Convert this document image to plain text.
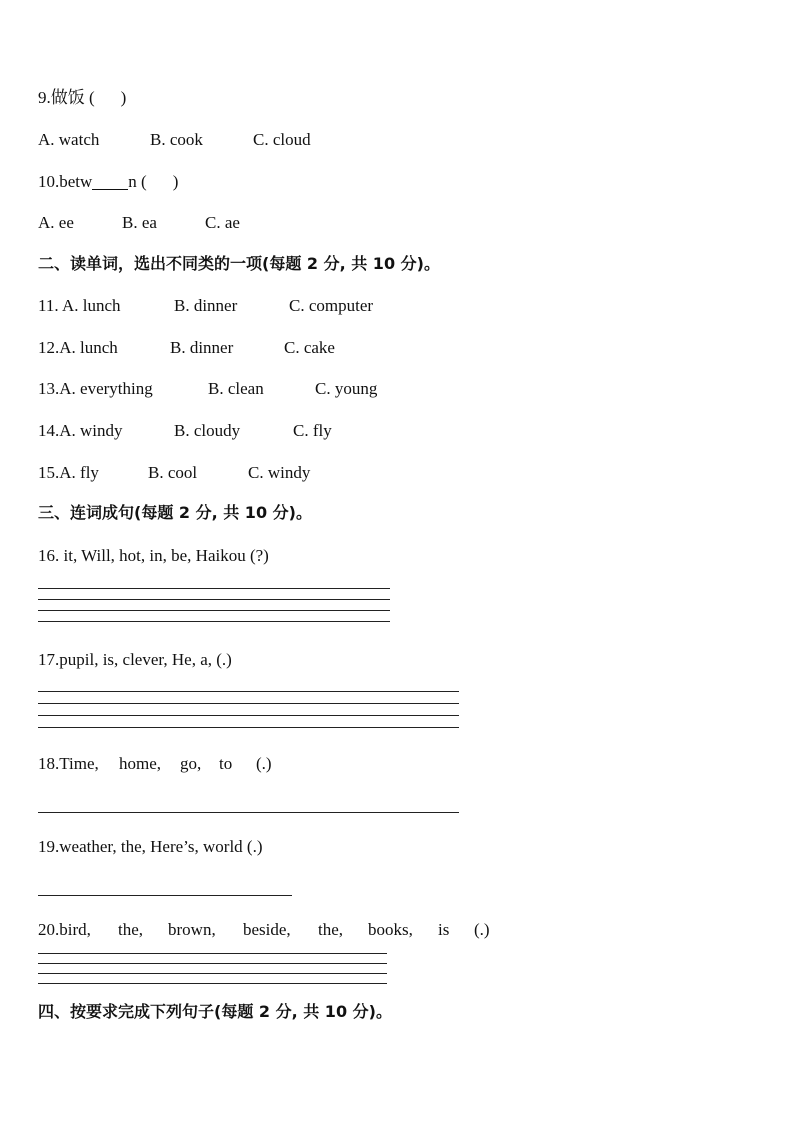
9.做饭 ( )
A. watch	B. cook	C. cloud
10.betw n ( )
A. ee	B. ea	C. ae
二、读单词，选出不同类的一项(每题 2 分, 共 10 分)。
11. A. lunch	B. dinner	C. computer
12.A. lunch	B. dinner	C. cake
13.A. everything	B. clean	C. young
14.A. windy	B. cloudy	C. fly
15.A. fly	B. cool	C. windy
三、连词成句(每题 2 分, 共 10 分)。
16. it, Will, hot, in, be, Haikou (?)
17.pupil, is, clever, He, a, (.)
18.Time, home, go, to (.)
19.weather, the, Here’s, world (.)
20.bird, the, brown, beside, the, books, is (.)
四、按要求完成下列句子(每题 2 分, 共 10 分)。
